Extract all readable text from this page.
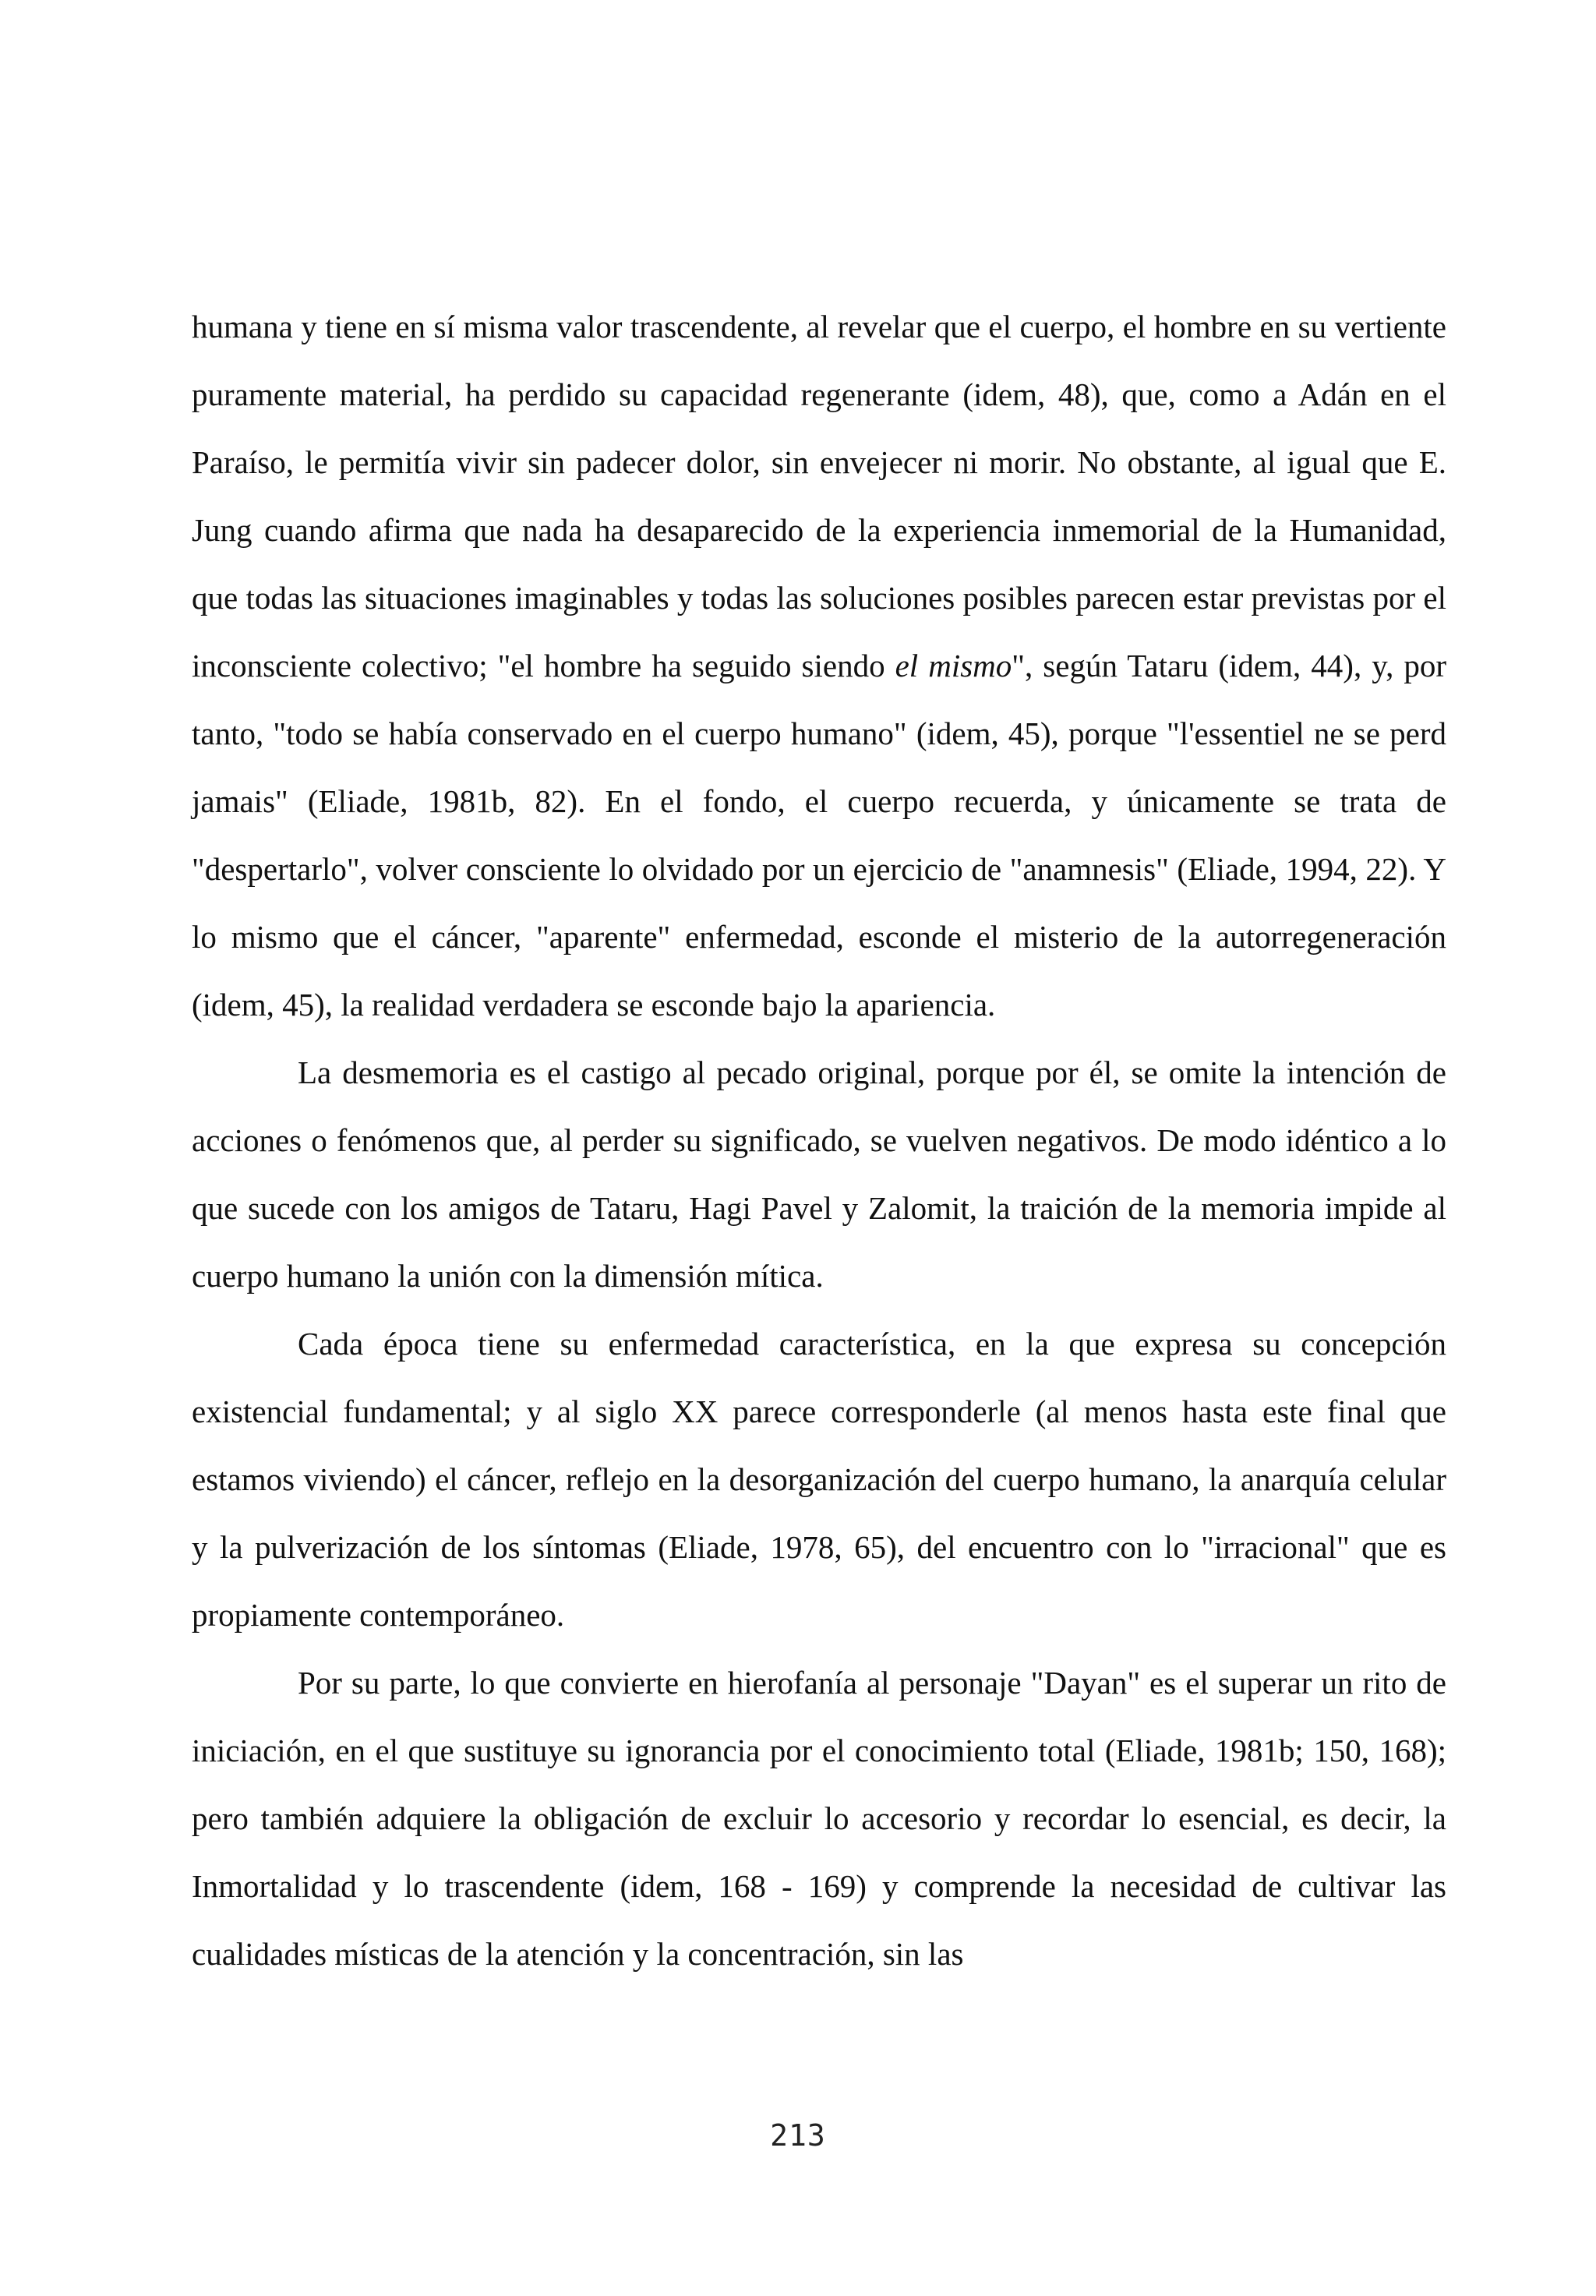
humana y tiene en sí misma valor trascendente, al revelar que el cuerpo, el hombre en su vertiente puramente material, ha perdido su capacidad regenerante (idem, 48), que, como a Adán en el Paraíso, le permitía vivir sin padecer dolor, sin envejecer ni morir. No obstante, al igual que E. Jung cuando afirma que nada ha desaparecido de la experiencia inmemorial de la Humanidad, que todas las situaciones imaginables y todas las soluciones posibles parecen estar previstas por el inconsciente colectivo; "el hombre ha seguido siendo el mismo", según Tataru (idem, 44), y, por tanto, "todo se había conservado en el cuerpo humano" (idem, 45), porque "l'essentiel ne se perd jamais" (Eliade, 1981b, 82). En el fondo, el cuerpo recuerda, y únicamente se trata de "despertarlo", volver consciente lo olvidado por un ejercicio de "anamnesis" (Eliade, 1994, 22). Y lo mismo que el cáncer, "aparente" enfermedad, esconde el misterio de la autorregeneración (idem, 45), la realidad verdadera se esconde bajo la apariencia.

La desmemoria es el castigo al pecado original, porque por él, se omite la intención de acciones o fenómenos que, al perder su significado, se vuelven negativos. De modo idéntico a lo que sucede con los amigos de Tataru, Hagi Pavel y Zalomit, la traición de la memoria impide al cuerpo humano la unión con la dimensión mítica.

Cada época tiene su enfermedad característica, en la que expresa su concepción existencial fundamental; y al siglo XX parece corresponderle (al menos hasta este final que estamos viviendo) el cáncer, reflejo en la desorganización del cuerpo humano, la anarquía celular y la pulverización de los síntomas (Eliade, 1978, 65), del encuentro con lo "irracional" que es propiamente contemporáneo.

Por su parte, lo que convierte en hierofanía al personaje "Dayan" es el superar un rito de iniciación, en el que sustituye su ignorancia por el conocimiento total (Eliade, 1981b; 150, 168); pero también adquiere la obligación de excluir lo accesorio y recordar lo esencial, es decir, la Inmortalidad y lo trascendente (idem, 168 - 169) y comprende la necesidad de cultivar las cualidades místicas de la atención y la concentración, sin las

213
